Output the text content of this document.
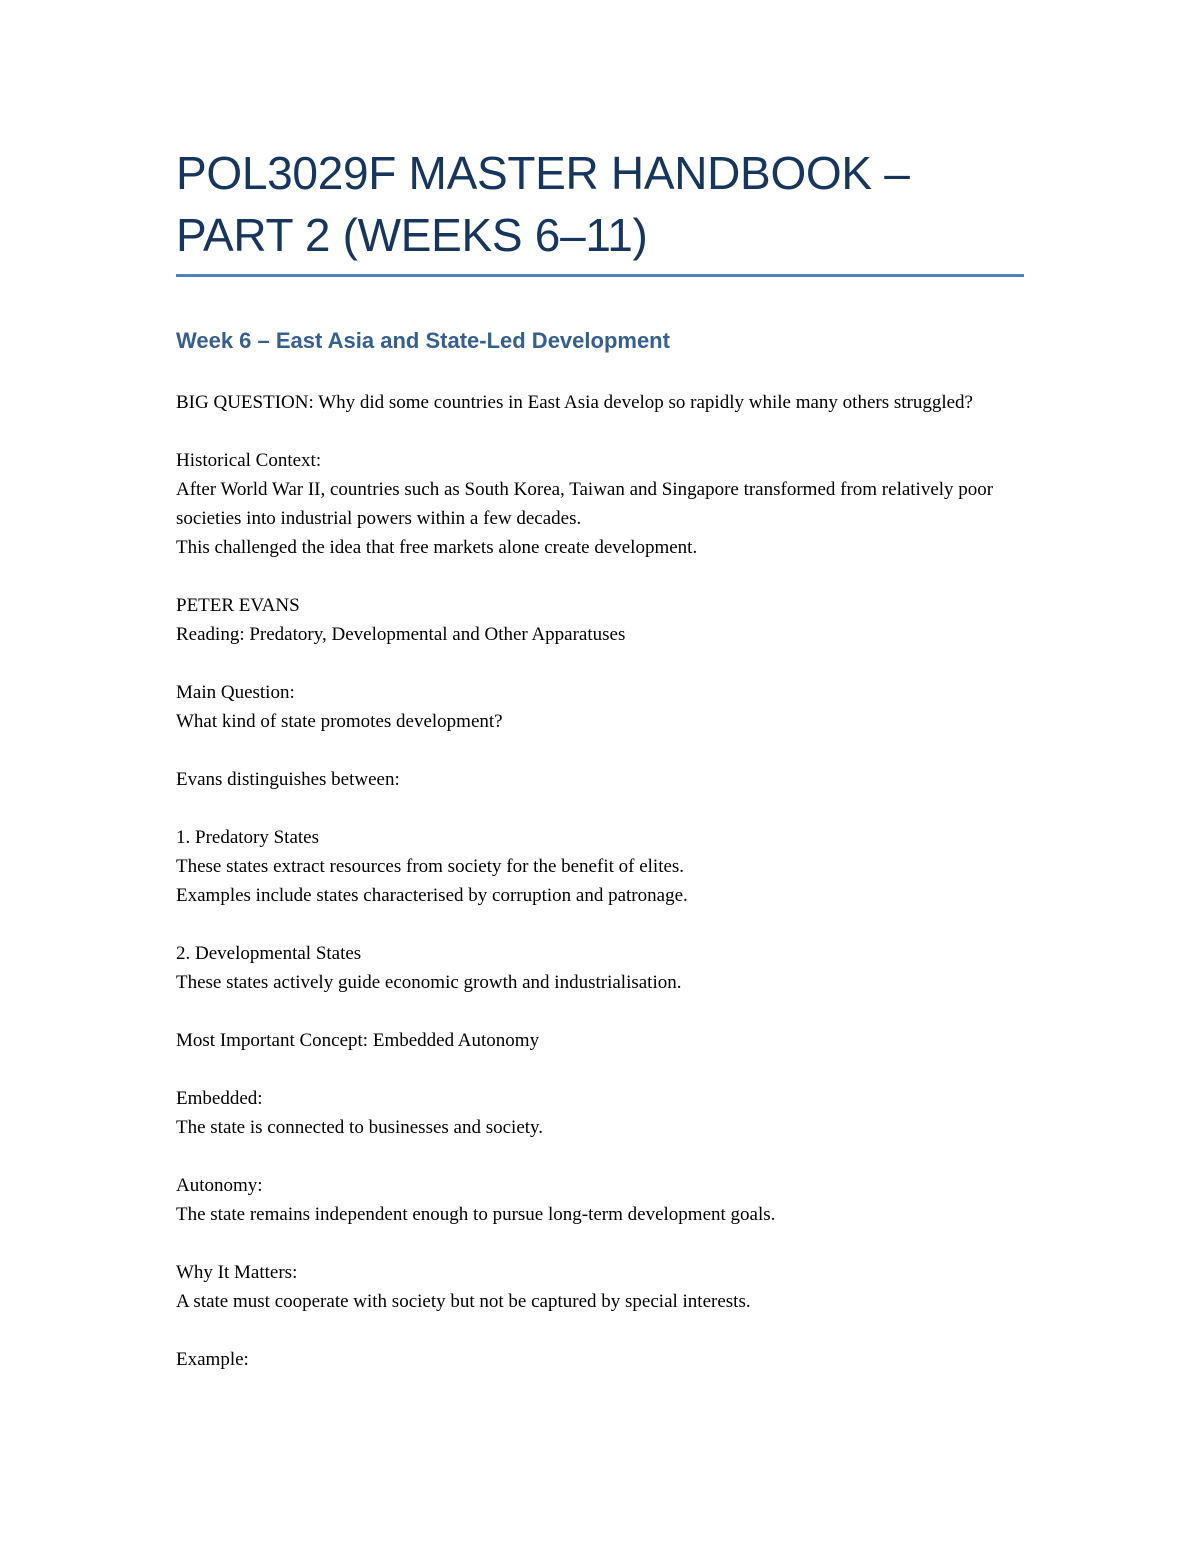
POL3029F MASTER HANDBOOK – PART 2 (WEEKS 6–11)
Week 6 – East Asia and State-Led Development

BIG QUESTION: Why did some countries in East Asia develop so rapidly while many others struggled?

Historical Context:
After World War II, countries such as South Korea, Taiwan and Singapore transformed from relatively poor societies into industrial powers within a few decades.
This challenged the idea that free markets alone create development.

PETER EVANS
Reading: Predatory, Developmental and Other Apparatuses

Main Question:
What kind of state promotes development?

Evans distinguishes between:

1. Predatory States
These states extract resources from society for the benefit of elites.
Examples include states characterised by corruption and patronage.

2. Developmental States
These states actively guide economic growth and industrialisation.

Most Important Concept: Embedded Autonomy

Embedded:
The state is connected to businesses and society.

Autonomy:
The state remains independent enough to pursue long-term development goals.

Why It Matters:
A state must cooperate with society but not be captured by special interests.

Example:
